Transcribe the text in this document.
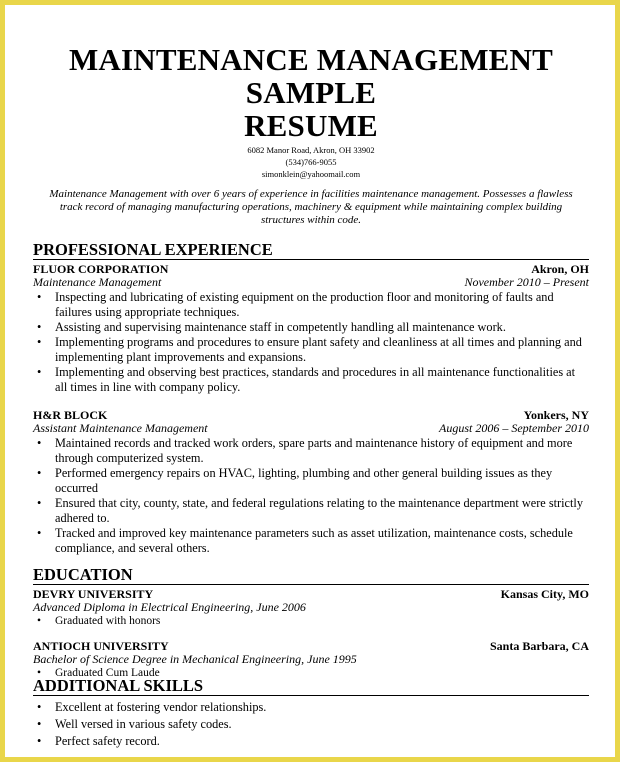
MAINTENANCE MANAGEMENT SAMPLE
RESUME
6082 Manor Road, Akron, OH 33902
(534)766-9055
simonklein@yahoomail.com
Maintenance Management with over 6 years of experience in facilities maintenance management. Possesses a flawless track record of managing manufacturing operations, machinery & equipment while maintaining complex building structures within code.
PROFESSIONAL EXPERIENCE
FLUOR CORPORATION	Akron, OH
Maintenance Management	November 2010 – Present
• Inspecting and lubricating of existing equipment on the production floor and monitoring of faults and failures using appropriate techniques.
• Assisting and supervising maintenance staff in competently handling all maintenance work.
• Implementing programs and procedures to ensure plant safety and cleanliness at all times and planning and implementing plant improvements and expansions.
• Implementing and observing best practices, standards and procedures in all maintenance functionalities at all times in line with company policy.
H&R BLOCK	Yonkers, NY
Assistant Maintenance Management	August 2006 – September 2010
• Maintained records and tracked work orders, spare parts and maintenance history of equipment and more through computerized system.
• Performed emergency repairs on HVAC, lighting, plumbing and other general building issues as they occurred
• Ensured that city, county, state, and federal regulations relating to the maintenance department were strictly adhered to.
• Tracked and improved key maintenance parameters such as asset utilization, maintenance costs, schedule compliance, and several others.
EDUCATION
DEVRY UNIVERSITY	Kansas City, MO
Advanced Diploma in Electrical Engineering, June 2006
• Graduated with honors
ANTIOCH UNIVERSITY	Santa Barbara, CA
Bachelor of Science Degree in Mechanical Engineering, June 1995
• Graduated Cum Laude
ADDITIONAL SKILLS
• Excellent at fostering vendor relationships.
• Well versed in various safety codes.
• Perfect safety record.
